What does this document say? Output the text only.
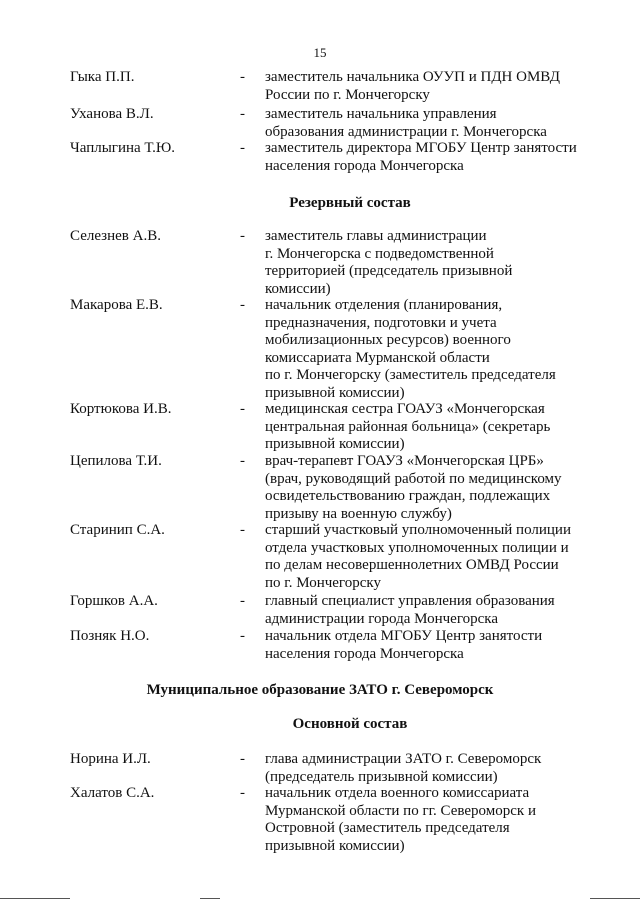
15
Гыка П.П.	- заместитель начальника ОУУП и ПДН ОМВД
России по г. Мончегорску
Уханова В.Л.	- заместитель начальника управления
образования администрации г. Мончегорска
Чаплыгина Т.Ю.	- заместитель директора МГОБУ Центр занятости
населения города Мончегорска
Резервный состав
Селезнев А.В.	- заместитель главы администрации
г. Мончегорска с подведомственной
территорией (председатель призывной
комиссии)
Макарова Е.В.	- начальник отделения (планирования,
предназначения, подготовки и учета
мобилизационных ресурсов) военного
комиссариата Мурманской области
по г. Мончегорску (заместитель председателя
призывной комиссии)
Кортюкова И.В.	- медицинская сестра ГОАУЗ «Мончегорская
центральная районная больница» (секретарь
призывной комиссии)
Цепилова Т.И.	- врач-терапевт ГОАУЗ «Мончегорская ЦРБ»
(врач, руководящий работой по медицинскому
освидетельствованию граждан, подлежащих
призыву на военную службу)
Старинип С.А.	- старший участковый уполномоченный полиции
отдела участковых уполномоченных полиции и
по делам несовершеннолетних ОМВД России
по г. Мончегорску
Горшков А.А.	- главный специалист управления образования
администрации города Мончегорска
Позняк Н.О.	- начальник отдела МГОБУ Центр занятости
населения города Мончегорска
Муниципальное образование ЗАТО г. Североморск
Основной состав
Норина И.Л.	- глава администрации ЗАТО г. Североморск
(председатель призывной комиссии)
Халатов С.А.	- начальник отдела военного комиссариата
Мурманской области по гг. Североморск и
Островной (заместитель председателя
призывной комиссии)
